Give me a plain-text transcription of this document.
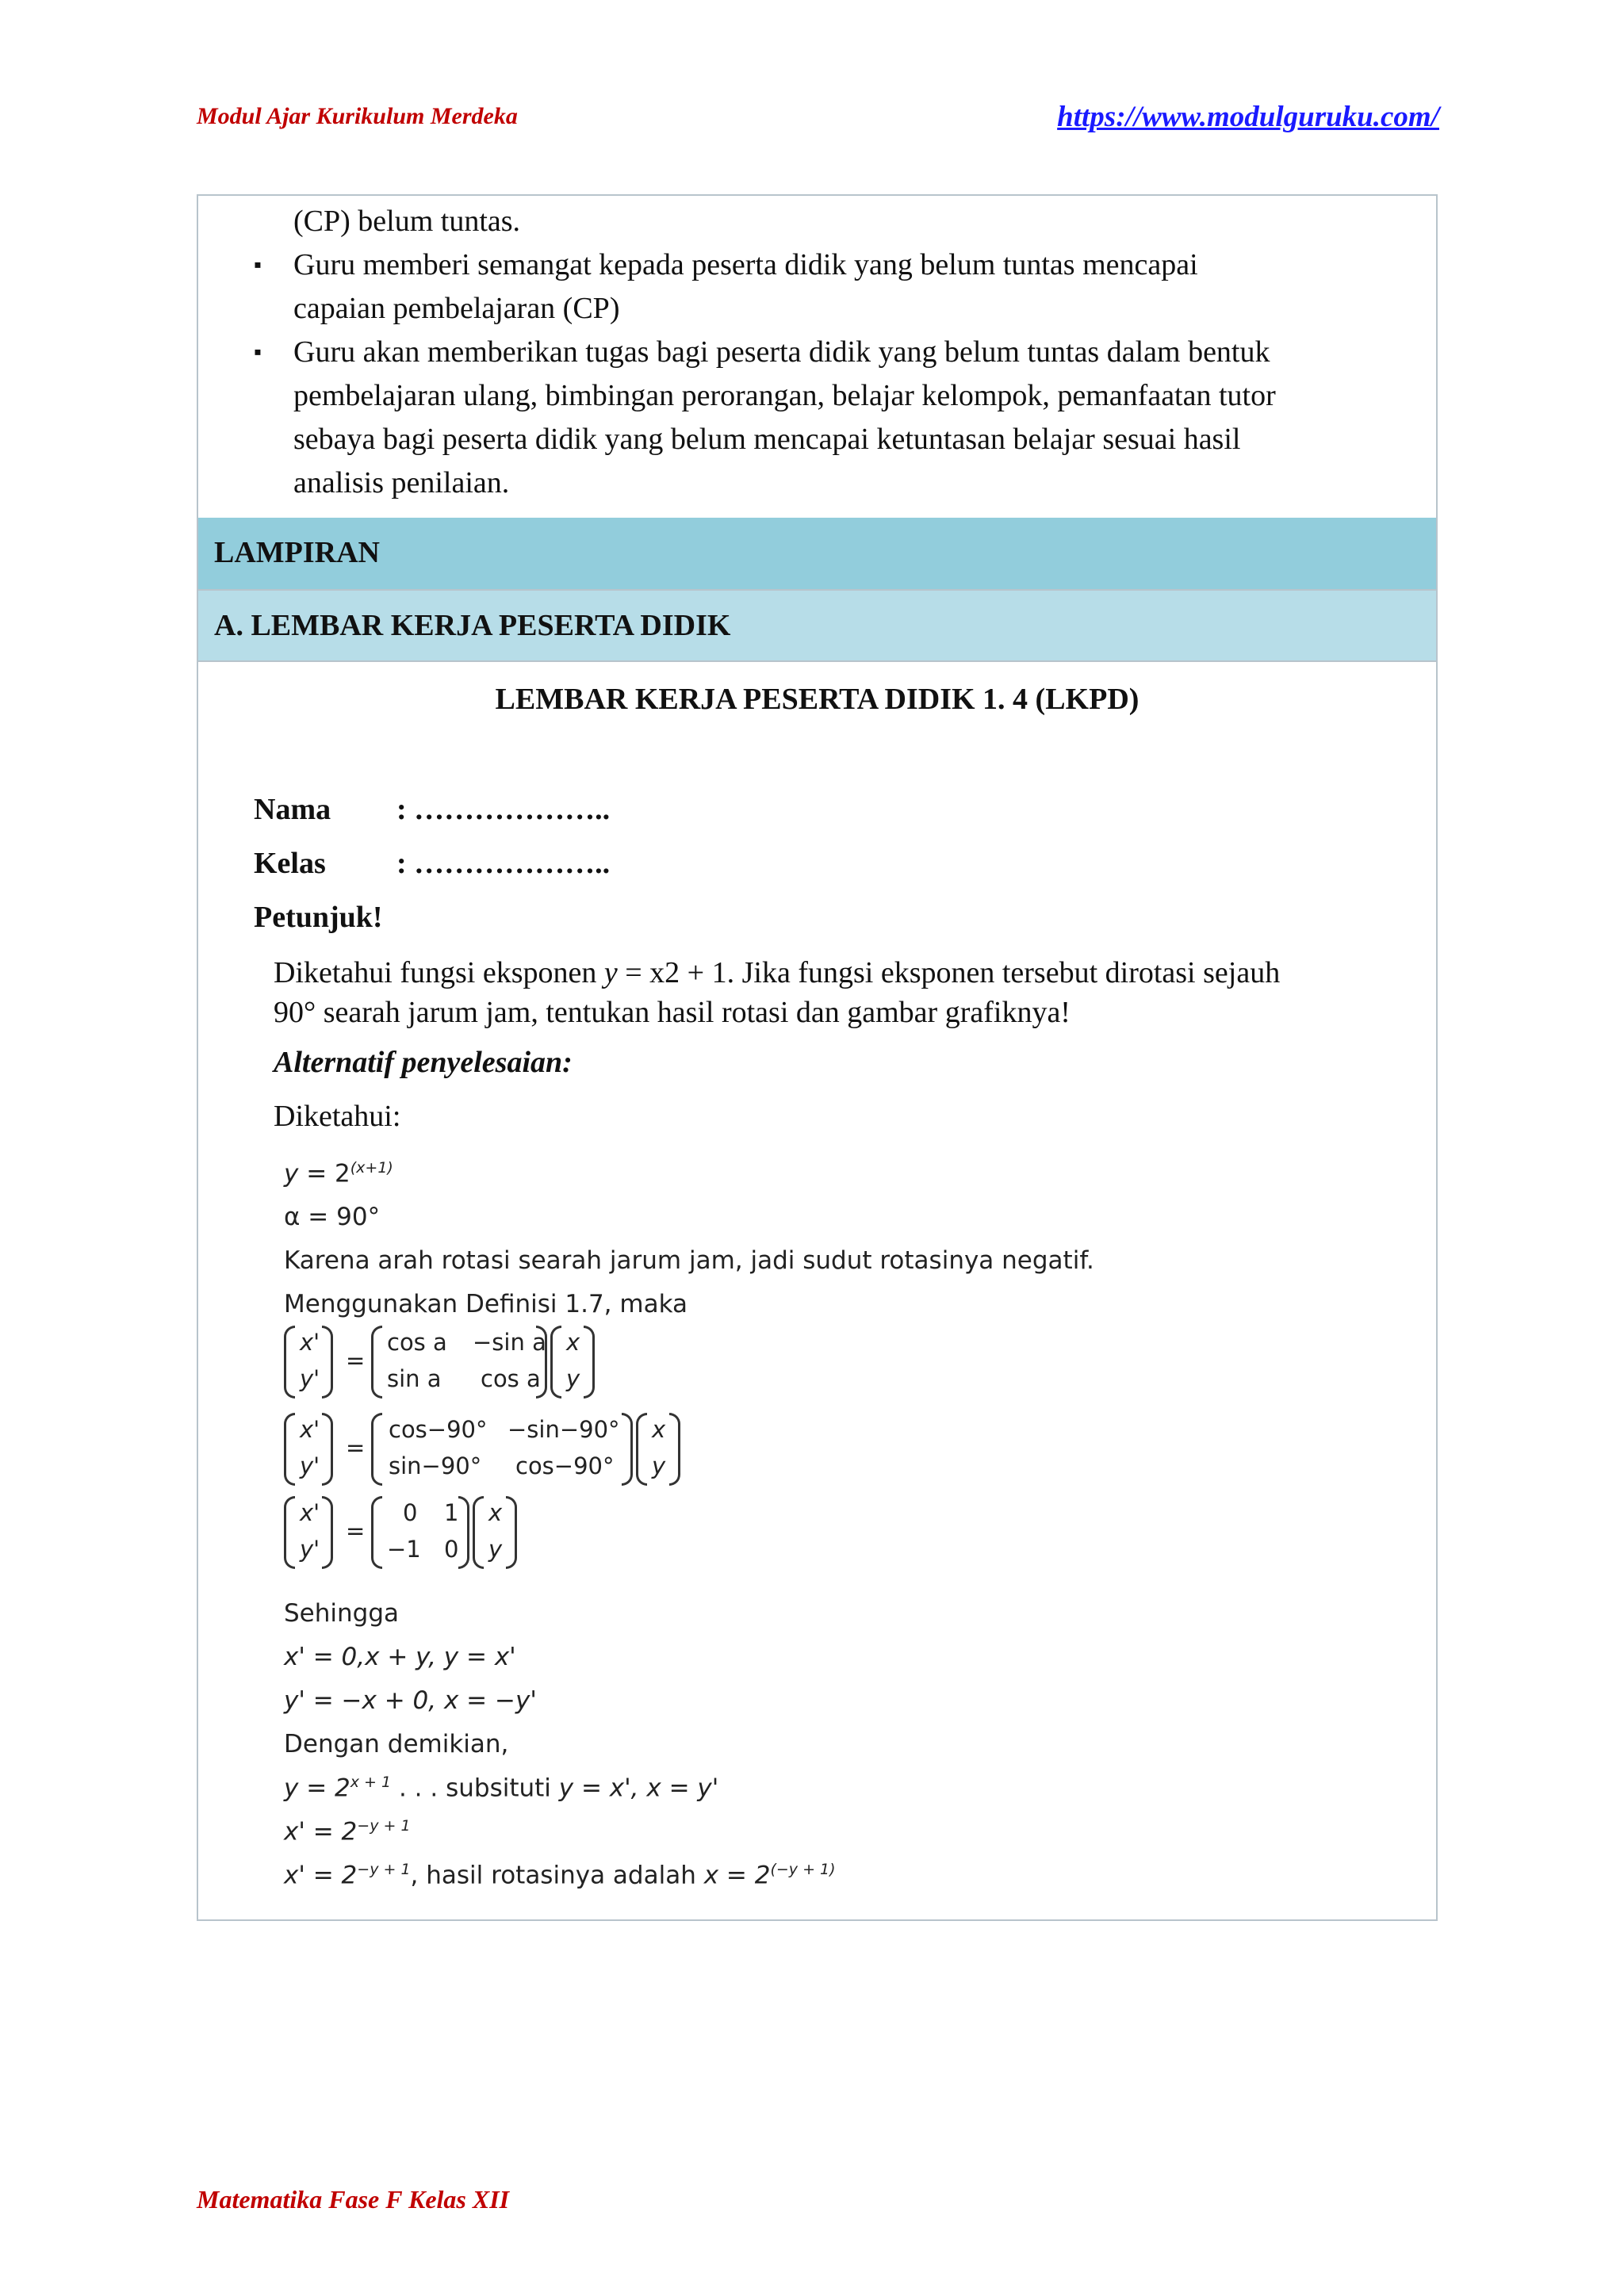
Modul Ajar Kurikulum Merdeka	https://www.modulguruku.com/
(CP) belum tuntas.
▪ Guru memberi semangat kepada peserta didik yang belum tuntas mencapai
capaian pembelajaran (CP)
▪ Guru akan memberikan tugas bagi peserta didik yang belum tuntas dalam bentuk
pembelajaran ulang, bimbingan perorangan, belajar kelompok, pemanfaatan tutor
sebaya bagi peserta didik yang belum mencapai ketuntasan belajar sesuai hasil
analisis penilaian.
LAMPIRAN
A. LEMBAR KERJA PESERTA DIDIK
LEMBAR KERJA PESERTA DIDIK 1. 4 (LKPD)
Nama : ………………..
Kelas : ………………..
Petunjuk!
Diketahui fungsi eksponen y = x2 + 1. Jika fungsi eksponen tersebut dirotasi sejauh
90° searah jarum jam, tentukan hasil rotasi dan gambar grafiknya!
Alternatif penyelesaian:
Diketahui:
$y = 2^{(x+1)}$
α = 90°
Karena arah rotasi searah jarum jam, jadi sudut rotasinya negatif.
Menggunakan Definisi 1.7, maka
x'
y'
=
cos a −sin a
sin a cos a
x
y
x'
y'
=
cos−90° −sin−90°
sin−90° cos−90°
x
y
x'
y'
=
0 1
−1 0
x
y
Sehingga
x' = 0,x + y, y = x'
y' = −x + 0, x = −y'
Dengan demikian,
$y = 2^{x + 1}$ . . . subsituti y = x', x = y'
$x' = 2^{-y + 1}$
$x' = 2^{-y + 1}$, hasil rotasinya adalah $x = 2^{(-y + 1)}$
Matematika Fase F Kelas XII
